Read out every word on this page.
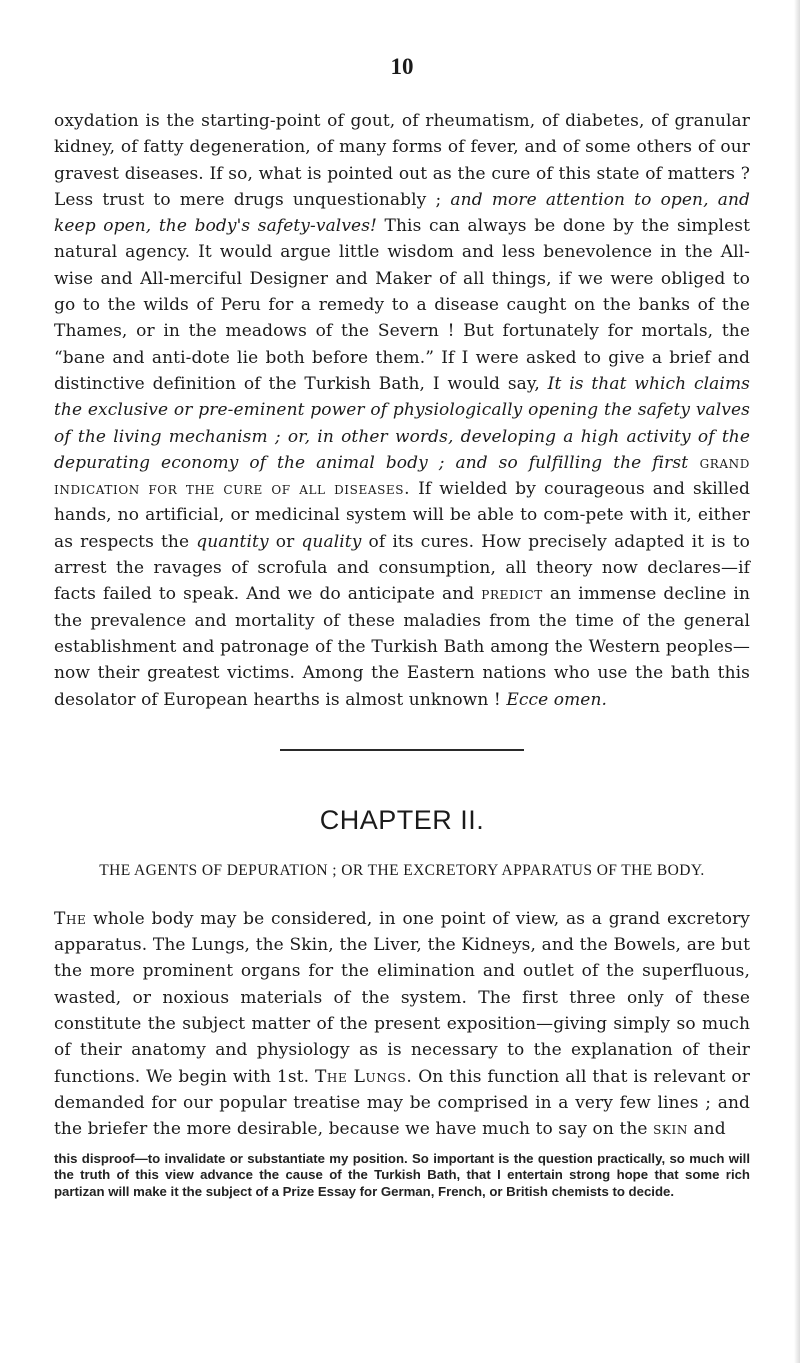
10

oxydation is the starting-point of gout, of rheumatism, of diabetes, of granular kidney, of fatty degeneration, of many forms of fever, and of some others of our gravest diseases. If so, what is pointed out as the cure of this state of matters ? Less trust to mere drugs unquestionably ; and more attention to open, and keep open, the body's safety-valves! This can always be done by the simplest natural agency. It would argue little wisdom and less benevolence in the All-wise and All-merciful Designer and Maker of all things, if we were obliged to go to the wilds of Peru for a remedy to a disease caught on the banks of the Thames, or in the meadows of the Severn ! But fortunately for mortals, the “bane and anti-dote lie both before them.” If I were asked to give a brief and distinctive definition of the Turkish Bath, I would say, It is that which claims the exclusive or pre-eminent power of physiologically opening the safety valves of the living mechanism ; or, in other words, developing a high activity of the depurating economy of the animal body ; and so fulfilling the first grand indication for the cure of all diseases. If wielded by courageous and skilled hands, no artificial, or medicinal system will be able to com-pete with it, either as respects the quantity or quality of its cures. How precisely adapted it is to arrest the ravages of scrofula and consumption, all theory now declares—if facts failed to speak. And we do anticipate and predict an immense decline in the prevalence and mortality of these maladies from the time of the general establishment and patronage of the Turkish Bath among the Western peoples—now their greatest victims. Among the Eastern nations who use the bath this desolator of European hearths is almost unknown ! Ecce omen.

CHAPTER II.
THE AGENTS OF DEPURATION ; OR THE EXCRETORY APPARATUS OF THE BODY.

The whole body may be considered, in one point of view, as a grand excretory apparatus. The Lungs, the Skin, the Liver, the Kidneys, and the Bowels, are but the more prominent organs for the elimination and outlet of the superfluous, wasted, or noxious materials of the system. The first three only of these constitute the subject matter of the present exposition—giving simply so much of their anatomy and physiology as is necessary to the explanation of their functions. We begin with 1st. The Lungs. On this function all that is relevant or demanded for our popular treatise may be comprised in a very few lines ; and the briefer the more desirable, because we have much to say on the skin and

this disproof—to invalidate or substantiate my position. So important is the question practically, so much will the truth of this view advance the cause of the Turkish Bath, that I entertain strong hope that some rich partizan will make it the subject of a Prize Essay for German, French, or British chemists to decide.
